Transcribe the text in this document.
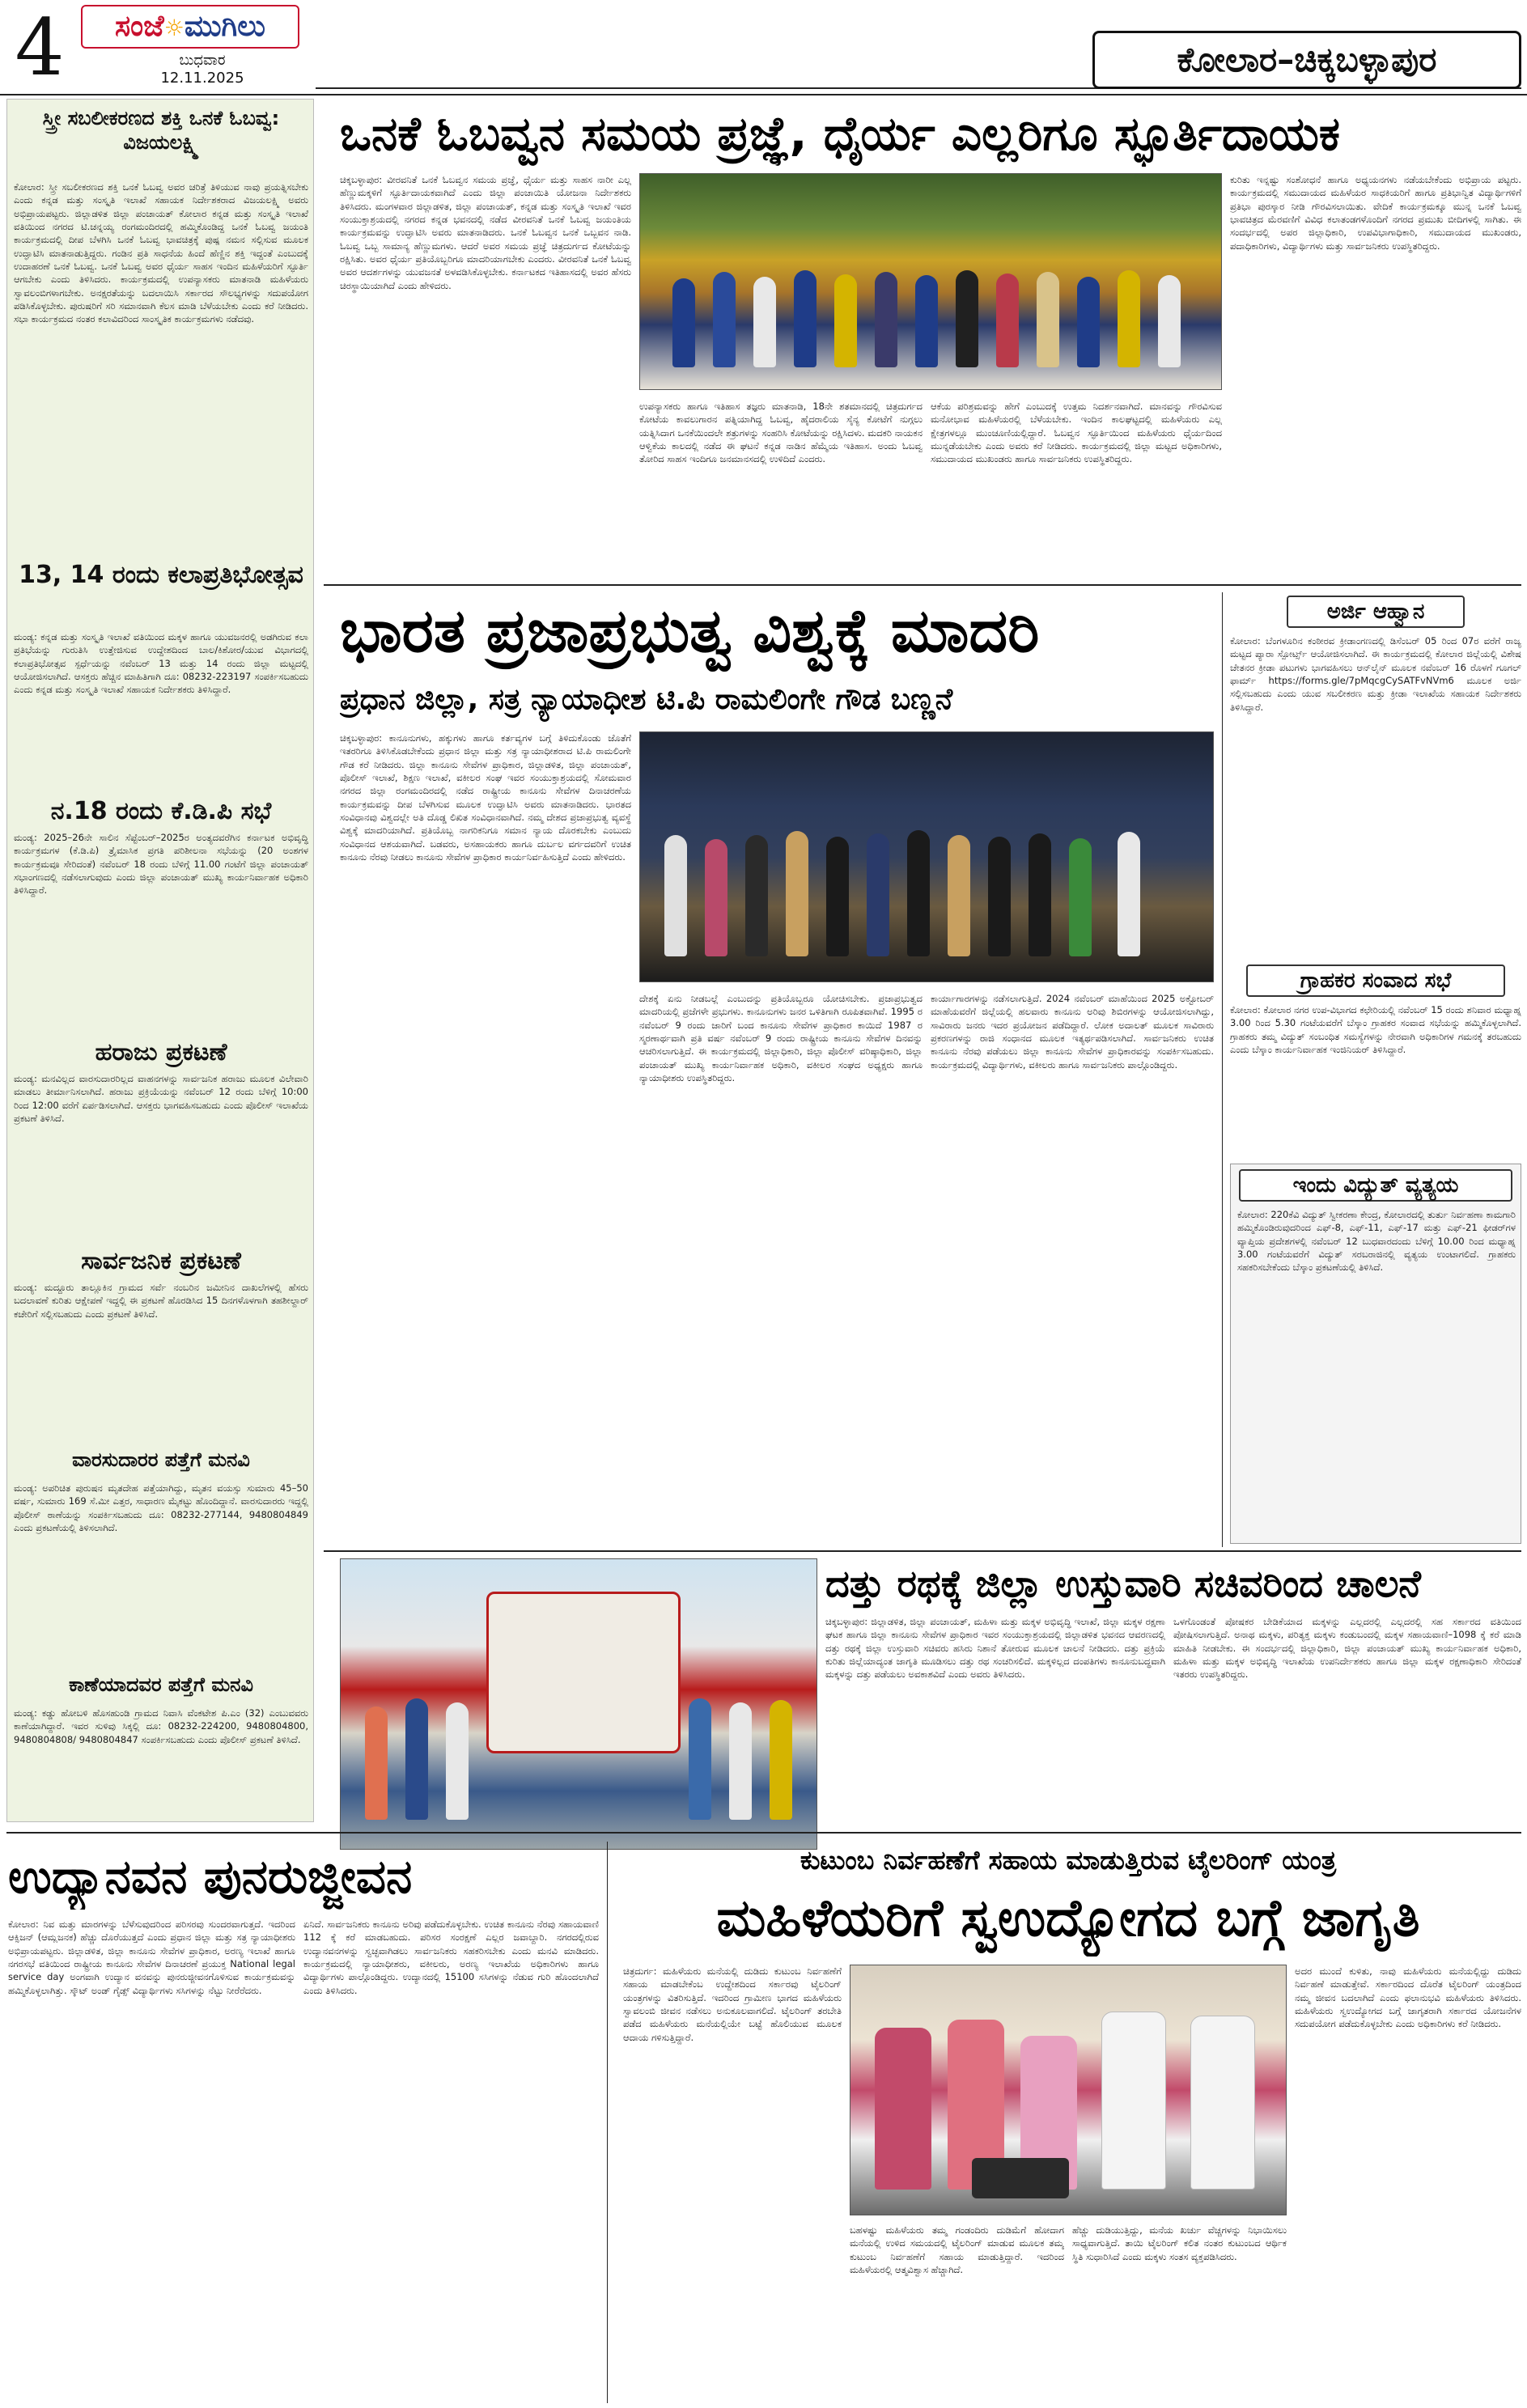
4	ಸಂಜೆ☼ಮುಗಿಲು
ಬುಧವಾರ
12.11.2025	ಕೋಲಾರ–ಚಿಕ್ಕಬಳ್ಳಾಪುರ
ಸ್ತ್ರೀ ಸಬಲೀಕರಣದ ಶಕ್ತಿ ಒನಕೆ ಓಬವ್ವ: ವಿಜಯಲಕ್ಷ್ಮಿ
ಕೋಲಾರ: ಸ್ತ್ರೀ ಸಬಲೀಕರಣದ ಶಕ್ತಿ ಒನಕೆ ಓಬವ್ವ ಅವರ ಚರಿತ್ರೆ ತಿಳಿಯುವ ನಾವು ಪ್ರಯತ್ನಿಸಬೇಕು ಎಂದು ಕನ್ನಡ ಮತ್ತು ಸಂಸ್ಕೃತಿ ಇಲಾಖೆ ಸಹಾಯಕ ನಿರ್ದೇಶಕರಾದ ವಿಜಯಲಕ್ಷ್ಮಿ ಅವರು ಅಭಿಪ್ರಾಯಪಟ್ಟರು. ಜಿಲ್ಲಾಡಳಿತ ಜಿಲ್ಲಾ ಪಂಚಾಯತ್ ಕೋಲಾರ ಕನ್ನಡ ಮತ್ತು ಸಂಸ್ಕೃತಿ ಇಲಾಖೆ ವತಿಯಿಂದ ನಗರದ ಟಿ.ಚನ್ನಯ್ಯ ರಂಗಮಂದಿರದಲ್ಲಿ ಹಮ್ಮಿಕೊಂಡಿದ್ದ ಒನಕೆ ಓಬವ್ವ ಜಯಂತಿ ಕಾರ್ಯಕ್ರಮದಲ್ಲಿ ದೀಪ ಬೆಳಗಿಸಿ ಒನಕೆ ಓಬವ್ವ ಭಾವಚಿತ್ರಕ್ಕೆ ಪುಷ್ಪ ನಮನ ಸಲ್ಲಿಸುವ ಮೂಲಕ ಉದ್ಘಾಟಿಸಿ ಮಾತನಾಡುತ್ತಿದ್ದರು. ಗಂಡಿನ ಪ್ರತಿ ಸಾಧನೆಯ ಹಿಂದೆ ಹೆಣ್ಣಿನ ಶಕ್ತಿ ಇದ್ದಂತೆ ಎಂಬುದಕ್ಕೆ ಉದಾಹರಣೆ ಒನಕೆ ಓಬವ್ವ. ಒನಕೆ ಓಬವ್ವ ಅವರ ಧೈರ್ಯ ಸಾಹಸ ಇಂದಿನ ಮಹಿಳೆಯರಿಗೆ ಸ್ಫೂರ್ತಿ ಆಗಬೇಕು ಎಂದು ತಿಳಿಸಿದರು. ಕಾರ್ಯಕ್ರಮದಲ್ಲಿ ಉಪನ್ಯಾಸಕರು ಮಾತನಾಡಿ ಮಹಿಳೆಯರು ಸ್ವಾವಲಂಬಿಗಳಾಗಬೇಕು. ಅನಕ್ಷರತೆಯನ್ನು ಬದಲಾಯಿಸಿ ಸರ್ಕಾರದ ಸೌಲಭ್ಯಗಳನ್ನು ಸದುಪಯೋಗ ಪಡಿಸಿಕೊಳ್ಳಬೇಕು. ಪುರುಷರಿಗೆ ಸರಿ ಸಮಾನವಾಗಿ ಕೆಲಸ ಮಾಡಿ ಬೆಳೆಯಬೇಕು ಎಂದು ಕರೆ ನೀಡಿದರು. ಸಭಾ ಕಾರ್ಯಕ್ರಮದ ನಂತರ ಕಲಾವಿದರಿಂದ ಸಾಂಸ್ಕೃತಿಕ ಕಾರ್ಯಕ್ರಮಗಳು ನಡೆದವು.
13, 14 ರಂದು ಕಲಾಪ್ರತಿಭೋತ್ಸವ
ಮಂಡ್ಯ: ಕನ್ನಡ ಮತ್ತು ಸಂಸ್ಕೃತಿ ಇಲಾಖೆ ವತಿಯಿಂದ ಮಕ್ಕಳ ಹಾಗೂ ಯುವಜನರಲ್ಲಿ ಅಡಗಿರುವ ಕಲಾ ಪ್ರತಿಭೆಯನ್ನು ಗುರುತಿಸಿ ಉತ್ತೇಜಿಸುವ ಉದ್ದೇಶದಿಂದ ಬಾಲ/ಕಿಶೋರ/ಯುವ ವಿಭಾಗದಲ್ಲಿ ಕಲಾಪ್ರತಿಭೋತ್ಸವ ಸ್ಪರ್ಧೆಯನ್ನು ನವೆಂಬರ್ 13 ಮತ್ತು 14 ರಂದು ಜಿಲ್ಲಾ ಮಟ್ಟದಲ್ಲಿ ಆಯೋಜಿಸಲಾಗಿದೆ. ಆಸಕ್ತರು ಹೆಚ್ಚಿನ ಮಾಹಿತಿಗಾಗಿ ದೂ: 08232-223197 ಸಂಪರ್ಕಿಸಬಹುದು ಎಂದು ಕನ್ನಡ ಮತ್ತು ಸಂಸ್ಕೃತಿ ಇಲಾಖೆ ಸಹಾಯಕ ನಿರ್ದೇಶಕರು ತಿಳಿಸಿದ್ದಾರೆ.
ನ.18 ರಂದು ಕೆ.ಡಿ.ಪಿ ಸಭೆ
ಮಂಡ್ಯ: 2025–26ನೇ ಸಾಲಿನ ಸೆಪ್ಟೆಂಬರ್–2025ರ ಅಂತ್ಯದವರೆಗಿನ ಕರ್ನಾಟಕ ಅಭಿವೃದ್ಧಿ ಕಾರ್ಯಕ್ರಮಗಳ (ಕೆ.ಡಿ.ಪಿ) ತ್ರೈಮಾಸಿಕ ಪ್ರಗತಿ ಪರಿಶೀಲನಾ ಸಭೆಯನ್ನು (20 ಅಂಶಗಳ ಕಾರ್ಯಕ್ರಮವೂ ಸೇರಿದಂತೆ) ನವೆಂಬರ್ 18 ರಂದು ಬೆಳಿಗ್ಗೆ 11.00 ಗಂಟೆಗೆ ಜಿಲ್ಲಾ ಪಂಚಾಯತ್ ಸಭಾಂಗಣದಲ್ಲಿ ನಡೆಸಲಾಗುವುದು ಎಂದು ಜಿಲ್ಲಾ ಪಂಚಾಯತ್ ಮುಖ್ಯ ಕಾರ್ಯನಿರ್ವಾಹಕ ಅಧಿಕಾರಿ ತಿಳಿಸಿದ್ದಾರೆ.
ಹರಾಜು ಪ್ರಕಟಣೆ
ಮಂಡ್ಯ: ಮನವಿಲ್ಲದ ವಾರಸುದಾರರಿಲ್ಲದ ವಾಹನಗಳನ್ನು ಸಾರ್ವಜನಿಕ ಹರಾಜು ಮೂಲಕ ವಿಲೇವಾರಿ ಮಾಡಲು ತೀರ್ಮಾನಿಸಲಾಗಿದೆ. ಹರಾಜು ಪ್ರಕ್ರಿಯೆಯನ್ನು ನವೆಂಬರ್ 12 ರಂದು ಬೆಳಿಗ್ಗೆ 10:00 ರಿಂದ 12:00 ವರೆಗೆ ಏರ್ಪಡಿಸಲಾಗಿದೆ. ಆಸಕ್ತರು ಭಾಗವಹಿಸಬಹುದು ಎಂದು ಪೊಲೀಸ್ ಇಲಾಖೆಯ ಪ್ರಕಟಣೆ ತಿಳಿಸಿದೆ.
ಸಾರ್ವಜನಿಕ ಪ್ರಕಟಣೆ
ಮಂಡ್ಯ: ಮದ್ದೂರು ತಾಲ್ಲೂಕಿನ ಗ್ರಾಮದ ಸರ್ವೆ ನಂಬರಿನ ಜಮೀನಿನ ದಾಖಲೆಗಳಲ್ಲಿ ಹೆಸರು ಬದಲಾವಣೆ ಕುರಿತು ಆಕ್ಷೇಪಣೆ ಇದ್ದಲ್ಲಿ ಈ ಪ್ರಕಟಣೆ ಹೊರಡಿಸಿದ 15 ದಿನಗಳೊಳಗಾಗಿ ತಹಶೀಲ್ದಾರ್ ಕಚೇರಿಗೆ ಸಲ್ಲಿಸಬಹುದು ಎಂದು ಪ್ರಕಟಣೆ ತಿಳಿಸಿದೆ.
ವಾರಸುದಾರರ ಪತ್ತೆಗೆ ಮನವಿ
ಮಂಡ್ಯ: ಅಪರಿಚಿತ ಪುರುಷನ ಮೃತದೇಹ ಪತ್ತೆಯಾಗಿದ್ದು, ಮೃತನ ವಯಸ್ಸು ಸುಮಾರು 45–50 ವರ್ಷ, ಸುಮಾರು 169 ಸೆ.ಮೀ ಎತ್ತರ, ಸಾಧಾರಣ ಮೈಕಟ್ಟು ಹೊಂದಿದ್ದಾನೆ. ವಾರಸುದಾರರು ಇದ್ದಲ್ಲಿ ಪೊಲೀಸ್ ಠಾಣೆಯನ್ನು ಸಂಪರ್ಕಿಸಬಹುದು ದೂ: 08232-277144, 9480804849 ಎಂದು ಪ್ರಕಟಣೆಯಲ್ಲಿ ತಿಳಿಸಲಾಗಿದೆ.
ಕಾಣೆಯಾದವರ ಪತ್ತೆಗೆ ಮನವಿ
ಮಂಡ್ಯ: ಕಡ್ಡು ಹೋಬಳಿ ಹೊಸಹುಂಡಿ ಗ್ರಾಮದ ನಿವಾಸಿ ವೆಂಕಟೇಶ ಪಿ.ಎಂ (32) ಎಂಬುವವರು ಕಾಣೆಯಾಗಿದ್ದಾರೆ. ಇವರ ಸುಳಿವು ಸಿಕ್ಕಲ್ಲಿ ದೂ: 08232-224200, 9480804800, 9480804808/ 9480804847 ಸಂಪರ್ಕಿಸಬಹುದು ಎಂದು ಪೊಲೀಸ್ ಪ್ರಕಟಣೆ ತಿಳಿಸಿದೆ.
ಒನಕೆ ಓಬವ್ವನ ಸಮಯ ಪ್ರಜ್ಞೆ, ಧೈರ್ಯ ಎಲ್ಲರಿಗೂ ಸ್ಫೂರ್ತಿದಾಯಕ
ಚಿಕ್ಕಬಳ್ಳಾಪುರ: ವೀರವನಿತೆ ಒನಕೆ ಓಬವ್ವನ ಸಮಯ ಪ್ರಜ್ಞೆ, ಧೈರ್ಯ ಮತ್ತು ಸಾಹಸ ನಾರೀ ಎಲ್ಲ ಹೆಣ್ಣುಮಕ್ಕಳಿಗೆ ಸ್ಫೂರ್ತಿದಾಯಕವಾಗಿದೆ ಎಂದು ಜಿಲ್ಲಾ ಪಂಚಾಯಿತಿ ಯೋಜನಾ ನಿರ್ದೇಶಕರು ತಿಳಿಸಿದರು. ಮಂಗಳವಾರ ಜಿಲ್ಲಾಡಳಿತ, ಜಿಲ್ಲಾ ಪಂಚಾಯತ್, ಕನ್ನಡ ಮತ್ತು ಸಂಸ್ಕೃತಿ ಇಲಾಖೆ ಇವರ ಸಂಯುಕ್ತಾಶ್ರಯದಲ್ಲಿ ನಗರದ ಕನ್ನಡ ಭವನದಲ್ಲಿ ನಡೆದ ವೀರವನಿತೆ ಒನಕೆ ಓಬವ್ವ ಜಯಂತಿಯ ಕಾರ್ಯಕ್ರಮವನ್ನು ಉದ್ಘಾಟಿಸಿ ಅವರು ಮಾತನಾಡಿದರು. ಒನಕೆ ಓಬವ್ವನ ಒನಕೆ ಒಬ್ಬವನ ನಾಡಿ. ಓಬವ್ವ ಒಬ್ಬ ಸಾಮಾನ್ಯ ಹೆಣ್ಣುಮಗಳು. ಆದರೆ ಅವರ ಸಮಯ ಪ್ರಜ್ಞೆ ಚಿತ್ರದುರ್ಗದ ಕೋಟೆಯನ್ನು ರಕ್ಷಿಸಿತು. ಅವರ ಧೈರ್ಯ ಪ್ರತಿಯೊಬ್ಬರಿಗೂ ಮಾದರಿಯಾಗಬೇಕು ಎಂದರು. ವೀರವನಿತೆ ಒನಕೆ ಓಬವ್ವ ಅವರ ಆದರ್ಶಗಳನ್ನು ಯುವಜನತೆ ಅಳವಡಿಸಿಕೊಳ್ಳಬೇಕು. ಕರ್ನಾಟಕದ ಇತಿಹಾಸದಲ್ಲಿ ಅವರ ಹೆಸರು ಚಿರಸ್ಥಾಯಿಯಾಗಿದೆ ಎಂದು ಹೇಳಿದರು.
ಉಪನ್ಯಾಸಕರು ಹಾಗೂ ಇತಿಹಾಸ ತಜ್ಞರು ಮಾತನಾಡಿ, 18ನೇ ಶತಮಾನದಲ್ಲಿ ಚಿತ್ರದುರ್ಗದ ಕೋಟೆಯ ಕಾವಲುಗಾರನ ಪತ್ನಿಯಾಗಿದ್ದ ಓಬವ್ವ, ಹೈದರಾಲಿಯ ಸೈನ್ಯ ಕೋಟೆಗೆ ನುಗ್ಗಲು ಯತ್ನಿಸಿದಾಗ ಒನಕೆಯಿಂದಲೇ ಶತ್ರುಗಳನ್ನು ಸಂಹರಿಸಿ ಕೋಟೆಯನ್ನು ರಕ್ಷಿಸಿದಳು. ಮದಕರಿ ನಾಯಕನ ಆಳ್ವಿಕೆಯ ಕಾಲದಲ್ಲಿ ನಡೆದ ಈ ಘಟನೆ ಕನ್ನಡ ನಾಡಿನ ಹೆಮ್ಮೆಯ ಇತಿಹಾಸ. ಅಂದು ಓಬವ್ವ ತೋರಿದ ಸಾಹಸ ಇಂದಿಗೂ ಜನಮಾನಸದಲ್ಲಿ ಉಳಿದಿದೆ ಎಂದರು.
ಆಕೆಯ ಪರಿಶ್ರಮವನ್ನು ಹೇಗೆ ಎಂಬುದಕ್ಕೆ ಉತ್ತಮ ನಿದರ್ಶನವಾಗಿದೆ. ಮಾನವನ್ನು ಗೌರವಿಸುವ ಮನೋಭಾವ ಮಹಿಳೆಯರಲ್ಲಿ ಬೆಳೆಯಬೇಕು. ಇಂದಿನ ಕಾಲಘಟ್ಟದಲ್ಲಿ ಮಹಿಳೆಯರು ಎಲ್ಲ ಕ್ಷೇತ್ರಗಳಲ್ಲೂ ಮುಂಚೂಣಿಯಲ್ಲಿದ್ದಾರೆ. ಓಬವ್ವನ ಸ್ಫೂರ್ತಿಯಿಂದ ಮಹಿಳೆಯರು ಧೈರ್ಯದಿಂದ ಮುನ್ನಡೆಯಬೇಕು ಎಂದು ಅವರು ಕರೆ ನೀಡಿದರು. ಕಾರ್ಯಕ್ರಮದಲ್ಲಿ ಜಿಲ್ಲಾ ಮಟ್ಟದ ಅಧಿಕಾರಿಗಳು, ಸಮುದಾಯದ ಮುಖಂಡರು ಹಾಗೂ ಸಾರ್ವಜನಿಕರು ಉಪಸ್ಥಿತರಿದ್ದರು.
ಕುರಿತು ಇನ್ನಷ್ಟು ಸಂಶೋಧನೆ ಹಾಗೂ ಅಧ್ಯಯನಗಳು ನಡೆಯಬೇಕೆಂದು ಅಭಿಪ್ರಾಯ ಪಟ್ಟರು. ಕಾರ್ಯಕ್ರಮದಲ್ಲಿ ಸಮುದಾಯದ ಮಹಿಳೆಯರ ಸಾಧಕಿಯರಿಗೆ ಹಾಗೂ ಪ್ರತಿಭಾನ್ವಿತ ವಿದ್ಯಾರ್ಥಿಗಳಿಗೆ ಪ್ರತಿಭಾ ಪುರಸ್ಕಾರ ನೀಡಿ ಗೌರವಿಸಲಾಯಿತು. ವೇದಿಕೆ ಕಾರ್ಯಕ್ರಮಕ್ಕೂ ಮುನ್ನ ಒನಕೆ ಓಬವ್ವ ಭಾವಚಿತ್ರದ ಮೆರವಣಿಗೆ ವಿವಿಧ ಕಲಾತಂಡಗಳೊಂದಿಗೆ ನಗರದ ಪ್ರಮುಖ ಬೀದಿಗಳಲ್ಲಿ ಸಾಗಿತು. ಈ ಸಂದರ್ಭದಲ್ಲಿ ಅಪರ ಜಿಲ್ಲಾಧಿಕಾರಿ, ಉಪವಿಭಾಗಾಧಿಕಾರಿ, ಸಮುದಾಯದ ಮುಖಂಡರು, ಪದಾಧಿಕಾರಿಗಳು, ವಿದ್ಯಾರ್ಥಿಗಳು ಮತ್ತು ಸಾರ್ವಜನಿಕರು ಉಪಸ್ಥಿತರಿದ್ದರು.
ಭಾರತ ಪ್ರಜಾಪ್ರಭುತ್ವ ವಿಶ್ವಕ್ಕೆ ಮಾದರಿ
ಪ್ರಧಾನ ಜಿಲ್ಲಾ, ಸತ್ರ ನ್ಯಾಯಾಧೀಶ ಟಿ.ಪಿ ರಾಮಲಿಂಗೇ ಗೌಡ ಬಣ್ಣನೆ
ಚಿಕ್ಕಬಳ್ಳಾಪುರ: ಕಾನೂನುಗಳು, ಹಕ್ಕುಗಳು ಹಾಗೂ ಕರ್ತವ್ಯಗಳ ಬಗ್ಗೆ ತಿಳಿದುಕೊಂಡು ಜೊತೆಗೆ ಇತರರಿಗೂ ತಿಳಿಸಿಕೊಡಬೇಕೆಂದು ಪ್ರಧಾನ ಜಿಲ್ಲಾ ಮತ್ತು ಸತ್ರ ನ್ಯಾಯಾಧೀಶರಾದ ಟಿ.ಪಿ ರಾಮಲಿಂಗೇ ಗೌಡ ಕರೆ ನೀಡಿದರು. ಜಿಲ್ಲಾ ಕಾನೂನು ಸೇವೆಗಳ ಪ್ರಾಧಿಕಾರ, ಜಿಲ್ಲಾಡಳಿತ, ಜಿಲ್ಲಾ ಪಂಚಾಯತ್, ಪೊಲೀಸ್ ಇಲಾಖೆ, ಶಿಕ್ಷಣ ಇಲಾಖೆ, ವಕೀಲರ ಸಂಘ ಇವರ ಸಂಯುಕ್ತಾಶ್ರಯದಲ್ಲಿ ಸೋಮವಾರ ನಗರದ ಜಿಲ್ಲಾ ರಂಗಮಂದಿರದಲ್ಲಿ ನಡೆದ ರಾಷ್ಟ್ರೀಯ ಕಾನೂನು ಸೇವೆಗಳ ದಿನಾಚರಣೆಯ ಕಾರ್ಯಕ್ರಮವನ್ನು ದೀಪ ಬೆಳಗಿಸುವ ಮೂಲಕ ಉದ್ಘಾಟಿಸಿ ಅವರು ಮಾತನಾಡಿದರು. ಭಾರತದ ಸಂವಿಧಾನವು ವಿಶ್ವದಲ್ಲೇ ಅತಿ ದೊಡ್ಡ ಲಿಖಿತ ಸಂವಿಧಾನವಾಗಿದೆ. ನಮ್ಮ ದೇಶದ ಪ್ರಜಾಪ್ರಭುತ್ವ ವ್ಯವಸ್ಥೆ ವಿಶ್ವಕ್ಕೆ ಮಾದರಿಯಾಗಿದೆ. ಪ್ರತಿಯೊಬ್ಬ ನಾಗರಿಕನಿಗೂ ಸಮಾನ ನ್ಯಾಯ ದೊರಕಬೇಕು ಎಂಬುದು ಸಂವಿಧಾನದ ಆಶಯವಾಗಿದೆ. ಬಡವರು, ಅಸಹಾಯಕರು ಹಾಗೂ ದುರ್ಬಲ ವರ್ಗದವರಿಗೆ ಉಚಿತ ಕಾನೂನು ನೆರವು ನೀಡಲು ಕಾನೂನು ಸೇವೆಗಳ ಪ್ರಾಧಿಕಾರ ಕಾರ್ಯನಿರ್ವಹಿಸುತ್ತಿದೆ ಎಂದು ಹೇಳಿದರು.
ದೇಶಕ್ಕೆ ಏನು ನೀಡಬಲ್ಲೆ ಎಂಬುದನ್ನು ಪ್ರತಿಯೊಬ್ಬರೂ ಯೋಚಿಸಬೇಕು. ಪ್ರಜಾಪ್ರಭುತ್ವದ ಮಾದರಿಯಲ್ಲಿ ಪ್ರಜೆಗಳೇ ಪ್ರಭುಗಳು. ಕಾನೂನುಗಳು ಜನರ ಒಳಿತಿಗಾಗಿ ರೂಪಿತವಾಗಿವೆ. 1995 ರ ನವೆಂಬರ್ 9 ರಂದು ಜಾರಿಗೆ ಬಂದ ಕಾನೂನು ಸೇವೆಗಳ ಪ್ರಾಧಿಕಾರ ಕಾಯಿದೆ 1987 ರ ಸ್ಮರಣಾರ್ಥವಾಗಿ ಪ್ರತಿ ವರ್ಷ ನವೆಂಬರ್ 9 ರಂದು ರಾಷ್ಟ್ರೀಯ ಕಾನೂನು ಸೇವೆಗಳ ದಿನವನ್ನು ಆಚರಿಸಲಾಗುತ್ತಿದೆ. ಈ ಕಾರ್ಯಕ್ರಮದಲ್ಲಿ ಜಿಲ್ಲಾಧಿಕಾರಿ, ಜಿಲ್ಲಾ ಪೊಲೀಸ್ ವರಿಷ್ಠಾಧಿಕಾರಿ, ಜಿಲ್ಲಾ ಪಂಚಾಯತ್ ಮುಖ್ಯ ಕಾರ್ಯನಿರ್ವಾಹಕ ಅಧಿಕಾರಿ, ವಕೀಲರ ಸಂಘದ ಅಧ್ಯಕ್ಷರು ಹಾಗೂ ನ್ಯಾಯಾಧೀಶರು ಉಪಸ್ಥಿತರಿದ್ದರು.
ಕಾರ್ಯಾಗಾರಗಳನ್ನು ನಡೆಸಲಾಗುತ್ತಿದೆ. 2024 ನವೆಂಬರ್ ಮಾಹೆಯಿಂದ 2025 ಅಕ್ಟೋಬರ್ ಮಾಹೆಯವರೆಗೆ ಜಿಲ್ಲೆಯಲ್ಲಿ ಹಲವಾರು ಕಾನೂನು ಅರಿವು ಶಿಬಿರಗಳನ್ನು ಆಯೋಜಿಸಲಾಗಿದ್ದು, ಸಾವಿರಾರು ಜನರು ಇದರ ಪ್ರಯೋಜನ ಪಡೆದಿದ್ದಾರೆ. ಲೋಕ ಅದಾಲತ್ ಮೂಲಕ ಸಾವಿರಾರು ಪ್ರಕರಣಗಳನ್ನು ರಾಜಿ ಸಂಧಾನದ ಮೂಲಕ ಇತ್ಯರ್ಥಪಡಿಸಲಾಗಿದೆ. ಸಾರ್ವಜನಿಕರು ಉಚಿತ ಕಾನೂನು ನೆರವು ಪಡೆಯಲು ಜಿಲ್ಲಾ ಕಾನೂನು ಸೇವೆಗಳ ಪ್ರಾಧಿಕಾರವನ್ನು ಸಂಪರ್ಕಿಸಬಹುದು. ಕಾರ್ಯಕ್ರಮದಲ್ಲಿ ವಿದ್ಯಾರ್ಥಿಗಳು, ವಕೀಲರು ಹಾಗೂ ಸಾರ್ವಜನಿಕರು ಪಾಲ್ಗೊಂಡಿದ್ದರು.
ಅರ್ಜಿ ಆಹ್ವಾನ
ಕೋಲಾರ: ಬೆಂಗಳೂರಿನ ಕಂಠೀರವ ಕ್ರೀಡಾಂಗಣದಲ್ಲಿ ಡಿಸೆಂಬರ್ 05 ರಿಂದ 07ರ ವರೆಗೆ ರಾಜ್ಯ ಮಟ್ಟದ ಪ್ಯಾರಾ ಸ್ಪೋರ್ಟ್ಸ್ ಆಯೋಜಿಸಲಾಗಿದೆ. ಈ ಕಾರ್ಯಕ್ರಮದಲ್ಲಿ ಕೋಲಾರ ಜಿಲ್ಲೆಯಲ್ಲಿ ವಿಶೇಷ ಚೇತನರ ಕ್ರೀಡಾ ಪಟುಗಳು ಭಾಗವಹಿಸಲು ಆನ್‌ಲೈನ್ ಮೂಲಕ ನವೆಂಬರ್ 16 ರೊಳಗೆ ಗೂಗಲ್ ಫಾರ್ಮ್ https://forms.gle/7pMqcgCySATFvNVm6 ಮೂಲಕ ಅರ್ಜಿ ಸಲ್ಲಿಸಬಹುದು ಎಂದು ಯುವ ಸಬಲೀಕರಣ ಮತ್ತು ಕ್ರೀಡಾ ಇಲಾಖೆಯ ಸಹಾಯಕ ನಿರ್ದೇಶಕರು ತಿಳಿಸಿದ್ದಾರೆ.
ಗ್ರಾಹಕರ ಸಂವಾದ ಸಭೆ
ಕೋಲಾರ: ಕೋಲಾರ ನಗರ ಉಪ-ವಿಭಾಗದ ಕಛೇರಿಯಲ್ಲಿ ನವೆಂಬರ್ 15 ರಂದು ಶನಿವಾರ ಮಧ್ಯಾಹ್ನ 3.00 ರಿಂದ 5.30 ಗಂಟೆಯವರೆಗೆ ಬೆಸ್ಕಾಂ ಗ್ರಾಹಕರ ಸಂವಾದ ಸಭೆಯನ್ನು ಹಮ್ಮಿಕೊಳ್ಳಲಾಗಿದೆ. ಗ್ರಾಹಕರು ತಮ್ಮ ವಿದ್ಯುತ್ ಸಂಬಂಧಿತ ಸಮಸ್ಯೆಗಳನ್ನು ನೇರವಾಗಿ ಅಧಿಕಾರಿಗಳ ಗಮನಕ್ಕೆ ತರಬಹುದು ಎಂದು ಬೆಸ್ಕಾಂ ಕಾರ್ಯನಿರ್ವಾಹಕ ಇಂಜಿನಿಯರ್ ತಿಳಿಸಿದ್ದಾರೆ.
ಇಂದು ವಿದ್ಯುತ್ ವ್ಯತ್ಯಯ
ಕೋಲಾರ: 220ಕೆವಿ ವಿದ್ಯುತ್ ಸ್ವೀಕರಣಾ ಕೇಂದ್ರ, ಕೋಲಾರದಲ್ಲಿ ತುರ್ತು ನಿರ್ವಹಣಾ ಕಾಮಗಾರಿ ಹಮ್ಮಿಕೊಂಡಿರುವುದರಿಂದ ಎಫ್-8, ಎಫ್-11, ಎಫ್-17 ಮತ್ತು ಎಫ್-21 ಫೀಡರ್‌ಗಳ ವ್ಯಾಪ್ತಿಯ ಪ್ರದೇಶಗಳಲ್ಲಿ ನವೆಂಬರ್ 12 ಬುಧವಾರದಂದು ಬೆಳಿಗ್ಗೆ 10.00 ರಿಂದ ಮಧ್ಯಾಹ್ನ 3.00 ಗಂಟೆಯವರೆಗೆ ವಿದ್ಯುತ್ ಸರಬರಾಜಿನಲ್ಲಿ ವ್ಯತ್ಯಯ ಉಂಟಾಗಲಿದೆ. ಗ್ರಾಹಕರು ಸಹಕರಿಸಬೇಕೆಂದು ಬೆಸ್ಕಾಂ ಪ್ರಕಟಣೆಯಲ್ಲಿ ತಿಳಿಸಿದೆ.
ದತ್ತು ರಥಕ್ಕೆ ಜಿಲ್ಲಾ ಉಸ್ತುವಾರಿ ಸಚಿವರಿಂದ ಚಾಲನೆ
ಚಿಕ್ಕಬಳ್ಳಾಪುರ: ಜಿಲ್ಲಾಡಳಿತ, ಜಿಲ್ಲಾ ಪಂಚಾಯತ್, ಮಹಿಳಾ ಮತ್ತು ಮಕ್ಕಳ ಅಭಿವೃದ್ಧಿ ಇಲಾಖೆ, ಜಿಲ್ಲಾ ಮಕ್ಕಳ ರಕ್ಷಣಾ ಘಟಕ ಹಾಗೂ ಜಿಲ್ಲಾ ಕಾನೂನು ಸೇವೆಗಳ ಪ್ರಾಧಿಕಾರ ಇವರ ಸಂಯುಕ್ತಾಶ್ರಯದಲ್ಲಿ ಜಿಲ್ಲಾಡಳಿತ ಭವನದ ಆವರಣದಲ್ಲಿ ದತ್ತು ರಥಕ್ಕೆ ಜಿಲ್ಲಾ ಉಸ್ತುವಾರಿ ಸಚಿವರು ಹಸಿರು ನಿಶಾನೆ ತೋರುವ ಮೂಲಕ ಚಾಲನೆ ನೀಡಿದರು. ದತ್ತು ಪ್ರಕ್ರಿಯೆ ಕುರಿತು ಜಿಲ್ಲೆಯಾದ್ಯಂತ ಜಾಗೃತಿ ಮೂಡಿಸಲು ದತ್ತು ರಥ ಸಂಚರಿಸಲಿದೆ. ಮಕ್ಕಳಿಲ್ಲದ ದಂಪತಿಗಳು ಕಾನೂನುಬದ್ಧವಾಗಿ ಮಕ್ಕಳನ್ನು ದತ್ತು ಪಡೆಯಲು ಅವಕಾಶವಿದೆ ಎಂದು ಅವರು ತಿಳಿಸಿದರು.
ಒಳಗೊಂಡಂತೆ ಪೋಷಕರ ಬೇಡಿಕೆಯಾದ ಮಕ್ಕಳನ್ನು ಎಲ್ಲದರಲ್ಲಿ ಎಲ್ಲದರಲ್ಲಿ ಸಹ ಸರ್ಕಾರದ ವತಿಯಿಂದ ಪೋಷಿಸಲಾಗುತ್ತಿದೆ. ಅನಾಥ ಮಕ್ಕಳು, ಪರಿತ್ಯಕ್ತ ಮಕ್ಕಳು ಕಂಡುಬಂದಲ್ಲಿ ಮಕ್ಕಳ ಸಹಾಯವಾಣಿ–1098 ಕ್ಕೆ ಕರೆ ಮಾಡಿ ಮಾಹಿತಿ ನೀಡಬೇಕು. ಈ ಸಂದರ್ಭದಲ್ಲಿ ಜಿಲ್ಲಾಧಿಕಾರಿ, ಜಿಲ್ಲಾ ಪಂಚಾಯತ್ ಮುಖ್ಯ ಕಾರ್ಯನಿರ್ವಾಹಕ ಅಧಿಕಾರಿ, ಮಹಿಳಾ ಮತ್ತು ಮಕ್ಕಳ ಅಭಿವೃದ್ಧಿ ಇಲಾಖೆಯ ಉಪನಿರ್ದೇಶಕರು ಹಾಗೂ ಜಿಲ್ಲಾ ಮಕ್ಕಳ ರಕ್ಷಣಾಧಿಕಾರಿ ಸೇರಿದಂತೆ ಇತರರು ಉಪಸ್ಥಿತರಿದ್ದರು.
ಉದ್ಯಾನವನ ಪುನರುಜ್ಜೀವನ
ಕೋಲಾರ: ನಿವ ಮತ್ತು ಮಾರಗಳನ್ನು ಬೆಳೆಸುವುದರಿಂದ ಪರಿಸರವು ಸುಂದರವಾಗುತ್ತದೆ. ಇದರಿಂದ ಆಕ್ಸಿಜನ್ (ಆಮ್ಲಜನಕ) ಹೆಚ್ಚು ದೊರೆಯುತ್ತದೆ ಎಂದು ಪ್ರಧಾನ ಜಿಲ್ಲಾ ಮತ್ತು ಸತ್ರ ನ್ಯಾಯಾಧೀಶರು ಅಭಿಪ್ರಾಯಪಟ್ಟರು. ಜಿಲ್ಲಾಡಳಿತ, ಜಿಲ್ಲಾ ಕಾನೂನು ಸೇವೆಗಳ ಪ್ರಾಧಿಕಾರ, ಅರಣ್ಯ ಇಲಾಖೆ ಹಾಗೂ ನಗರಸಭೆ ವತಿಯಿಂದ ರಾಷ್ಟ್ರೀಯ ಕಾನೂನು ಸೇವೆಗಳ ದಿನಾಚರಣೆ ಪ್ರಯುಕ್ತ National legal service day ಅಂಗವಾಗಿ ಉದ್ಯಾನ ವನವನ್ನು ಪುನರುಜ್ಜೀವನಗೊಳಿಸುವ ಕಾರ್ಯಕ್ರಮವನ್ನು ಹಮ್ಮಿಕೊಳ್ಳಲಾಗಿತ್ತು. ಸ್ಕೌಟ್ ಅಂಡ್ ಗೈಡ್ಸ್ ವಿದ್ಯಾರ್ಥಿಗಳು ಸಸಿಗಳನ್ನು ನೆಟ್ಟು ನೀರೆರೆದರು.
ಏನಿದೆ. ಸಾರ್ವಜನಿಕರು ಕಾನೂನು ಅರಿವು ಪಡೆದುಕೊಳ್ಳಬೇಕು. ಉಚಿತ ಕಾನೂನು ನೆರವು ಸಹಾಯವಾಣಿ 112 ಕ್ಕೆ ಕರೆ ಮಾಡಬಹುದು. ಪರಿಸರ ಸಂರಕ್ಷಣೆ ಎಲ್ಲರ ಜವಾಬ್ದಾರಿ. ನಗರದಲ್ಲಿರುವ ಉದ್ಯಾನವನಗಳನ್ನು ಸ್ವಚ್ಛವಾಗಿಡಲು ಸಾರ್ವಜನಿಕರು ಸಹಕರಿಸಬೇಕು ಎಂದು ಮನವಿ ಮಾಡಿದರು. ಕಾರ್ಯಕ್ರಮದಲ್ಲಿ ನ್ಯಾಯಾಧೀಶರು, ವಕೀಲರು, ಅರಣ್ಯ ಇಲಾಖೆಯ ಅಧಿಕಾರಿಗಳು ಹಾಗೂ ವಿದ್ಯಾರ್ಥಿಗಳು ಪಾಲ್ಗೊಂಡಿದ್ದರು. ಉದ್ಯಾನದಲ್ಲಿ 15100 ಸಸಿಗಳನ್ನು ನೆಡುವ ಗುರಿ ಹೊಂದಲಾಗಿದೆ ಎಂದು ತಿಳಿಸಿದರು.
ಕುಟುಂಬ ನಿರ್ವಹಣೆಗೆ ಸಹಾಯ ಮಾಡುತ್ತಿರುವ ಟೈಲರಿಂಗ್ ಯಂತ್ರ
ಮಹಿಳೆಯರಿಗೆ ಸ್ವಉದ್ಯೋಗದ ಬಗ್ಗೆ ಜಾಗೃತಿ
ಚಿತ್ರದುರ್ಗ: ಮಹಿಳೆಯರು ಮನೆಯಲ್ಲಿ ದುಡಿದು ಕುಟುಂಬ ನಿರ್ವಹಣೆಗೆ ಸಹಾಯ ಮಾಡಬೇಕೆಂಬ ಉದ್ದೇಶದಿಂದ ಸರ್ಕಾರವು ಟೈಲರಿಂಗ್ ಯಂತ್ರಗಳನ್ನು ವಿತರಿಸುತ್ತಿದೆ. ಇದರಿಂದ ಗ್ರಾಮೀಣ ಭಾಗದ ಮಹಿಳೆಯರು ಸ್ವಾವಲಂಬಿ ಜೀವನ ನಡೆಸಲು ಅನುಕೂಲವಾಗಲಿದೆ. ಟೈಲರಿಂಗ್ ತರಬೇತಿ ಪಡೆದ ಮಹಿಳೆಯರು ಮನೆಯಲ್ಲಿಯೇ ಬಟ್ಟೆ ಹೊಲಿಯುವ ಮೂಲಕ ಆದಾಯ ಗಳಿಸುತ್ತಿದ್ದಾರೆ.
ಬಹಳಷ್ಟು ಮಹಿಳೆಯರು ತಮ್ಮ ಗಂಡಂದಿರು ದುಡಿಮೆಗೆ ಹೋದಾಗ ಮನೆಯಲ್ಲಿ ಉಳಿದ ಸಮಯದಲ್ಲಿ ಟೈಲರಿಂಗ್ ಮಾಡುವ ಮೂಲಕ ತಮ್ಮ ಕುಟುಂಬ ನಿರ್ವಹಣೆಗೆ ಸಹಾಯ ಮಾಡುತ್ತಿದ್ದಾರೆ. ಇದರಿಂದ ಮಹಿಳೆಯರಲ್ಲಿ ಆತ್ಮವಿಶ್ವಾಸ ಹೆಚ್ಚಾಗಿದೆ.
ಹೆಚ್ಚು ದುಡಿಯುತ್ತಿದ್ದು, ಮನೆಯ ಖರ್ಚು ವೆಚ್ಚಗಳನ್ನು ನಿಭಾಯಿಸಲು ಸಾಧ್ಯವಾಗುತ್ತಿದೆ. ತಾಯಿ ಟೈಲರಿಂಗ್ ಕಲಿತ ನಂತರ ಕುಟುಂಬದ ಆರ್ಥಿಕ ಸ್ಥಿತಿ ಸುಧಾರಿಸಿದೆ ಎಂದು ಮಕ್ಕಳು ಸಂತಸ ವ್ಯಕ್ತಪಡಿಸಿದರು.
ಅದರ ಮುಂದೆ ಕುಳಿತು, ನಾವು ಮಹಿಳೆಯರು ಮನೆಯಲ್ಲಿದ್ದು ದುಡಿದು ನಿರ್ವಹಣೆ ಮಾಡುತ್ತೇವೆ. ಸರ್ಕಾರದಿಂದ ದೊರೆತ ಟೈಲರಿಂಗ್ ಯಂತ್ರದಿಂದ ನಮ್ಮ ಜೀವನ ಬದಲಾಗಿದೆ ಎಂದು ಫಲಾನುಭವಿ ಮಹಿಳೆಯರು ತಿಳಿಸಿದರು. ಮಹಿಳೆಯರು ಸ್ವಉದ್ಯೋಗದ ಬಗ್ಗೆ ಜಾಗೃತರಾಗಿ ಸರ್ಕಾರದ ಯೋಜನೆಗಳ ಸದುಪಯೋಗ ಪಡೆದುಕೊಳ್ಳಬೇಕು ಎಂದು ಅಧಿಕಾರಿಗಳು ಕರೆ ನೀಡಿದರು.
